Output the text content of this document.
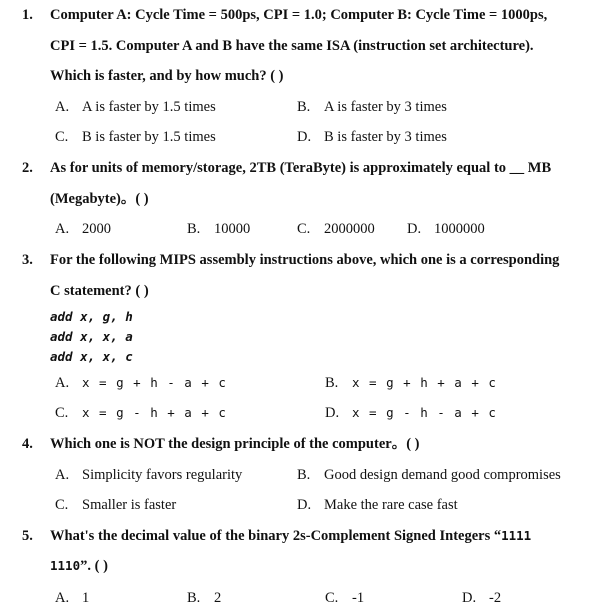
1. Computer A: Cycle Time = 500ps, CPI = 1.0; Computer B: Cycle Time = 1000ps,
CPI = 1.5. Computer A and B have the same ISA (instruction set architecture).
Which is faster, and by how much? ( )
A. A is faster by 1.5 times	B. A is faster by 3 times
C. B is faster by 1.5 times	D. B is faster by 3 times
2. As for units of memory/storage, 2TB (TeraByte) is approximately equal to __ MB
(Megabyte)。( )
A. 2000	B. 10000	C. 2000000 D. 1000000
3. For the following MIPS assembly instructions above, which one is a corresponding
C statement? ( )
add x, g, h
add x, x, a
add x, x, c
A. x = g + h - a + c	B. x = g + h + a + c
C. x = g - h + a + c	D. x = g - h - a + c
4. Which one is NOT the design principle of the computer。( )
A. Simplicity favors regularity	B. Good design demand good compromises
C. Smaller is faster	D. Make the rare case fast
5. What's the decimal value of the binary 2s-Complement Signed Integers “1111
1110”. ( )
A. 1	B. 2	C. -1	D. -2
